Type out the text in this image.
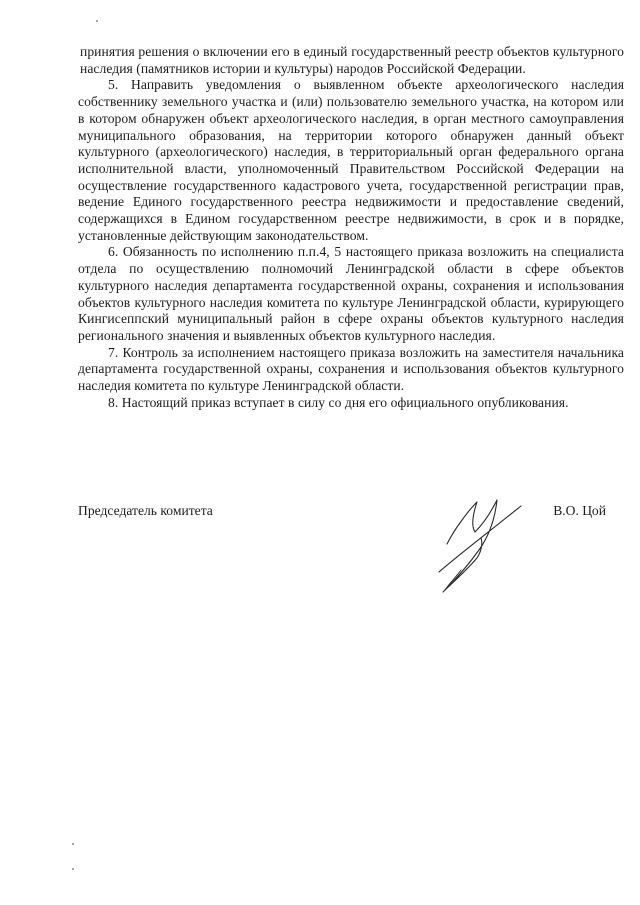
принятия решения о включении его в единый государственный реестр объектов культурного наследия (памятников истории и культуры) народов Российской Федерации.

5. Направить уведомления о выявленном объекте археологического наследия собственнику земельного участка и (или) пользователю земельного участка, на котором или в котором обнаружен объект археологического наследия, в орган местного самоуправления муниципального образования, на территории которого обнаружен данный объект культурного (археологического) наследия, в территориальный орган федерального органа исполнительной власти, уполномоченный Правительством Российской Федерации на осуществление государственного кадастрового учета, государственной регистрации прав, ведение Единого государственного реестра недвижимости и предоставление сведений, содержащихся в Едином государственном реестре недвижимости, в срок и в порядке, установленные действующим законодательством.

6. Обязанность по исполнению п.п.4, 5 настоящего приказа возложить на специалиста отдела по осуществлению полномочий Ленинградской области в сфере объектов культурного наследия департамента государственной охраны, сохранения и использования объектов культурного наследия комитета по культуре Ленинградской области, курирующего Кингисеппский муниципальный район в сфере охраны объектов культурного наследия регионального значения и выявленных объектов культурного наследия.

7. Контроль за исполнением настоящего приказа возложить на заместителя начальника департамента государственной охраны, сохранения и использования объектов культурного наследия комитета по культуре Ленинградской области.

8. Настоящий приказ вступает в силу со дня его официального опубликования.

Председатель комитета	В.О. Цой
